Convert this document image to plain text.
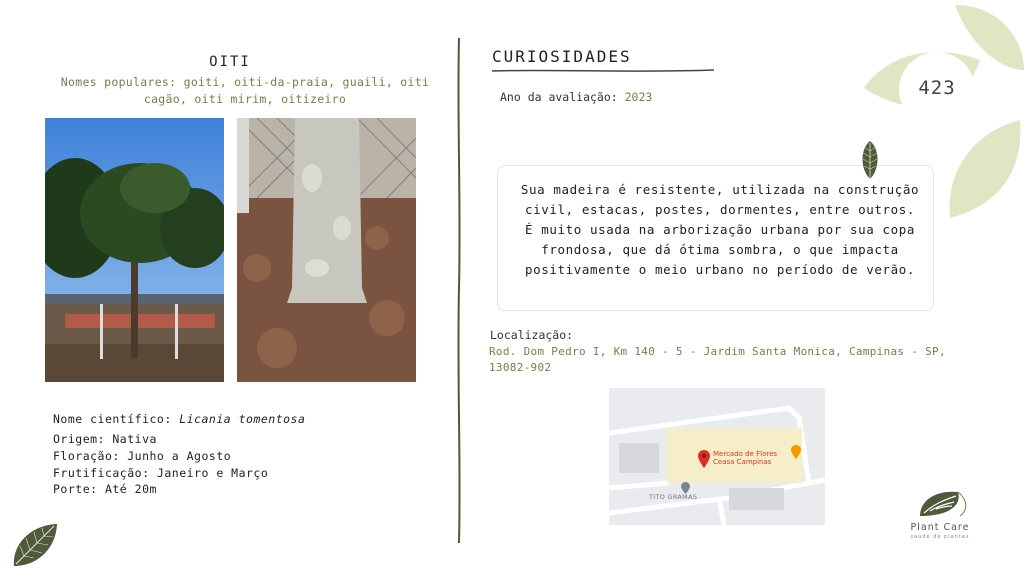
OITI
Nomes populares: goiti, oiti-da-praia, guaili, oiti cagão, oiti mirim, oitizeiro
Nome científico: Licania tomentosa
Origem: Nativa
Floração: Junho a Agosto
Frutificação: Janeiro e Março
Porte: Até 20m
CURIOSIDADES
Ano da avaliação: 2023
Sua madeira é resistente, utilizada na construção civil, estacas, postes, dormentes, entre outros. É muito usada na arborização urbana por sua copa frondosa, que dá ótima sombra, o que impacta positivamente o meio urbano no período de verão.
Localização:
Rod. Dom Pedro I, Km 140 - 5 - Jardim Santa Monica, Campinas - SP, 13082-902
Mercado de Flores
Ceasa Campinas
TITO GRAMAS
423
Plant Care
saúde de plantas
